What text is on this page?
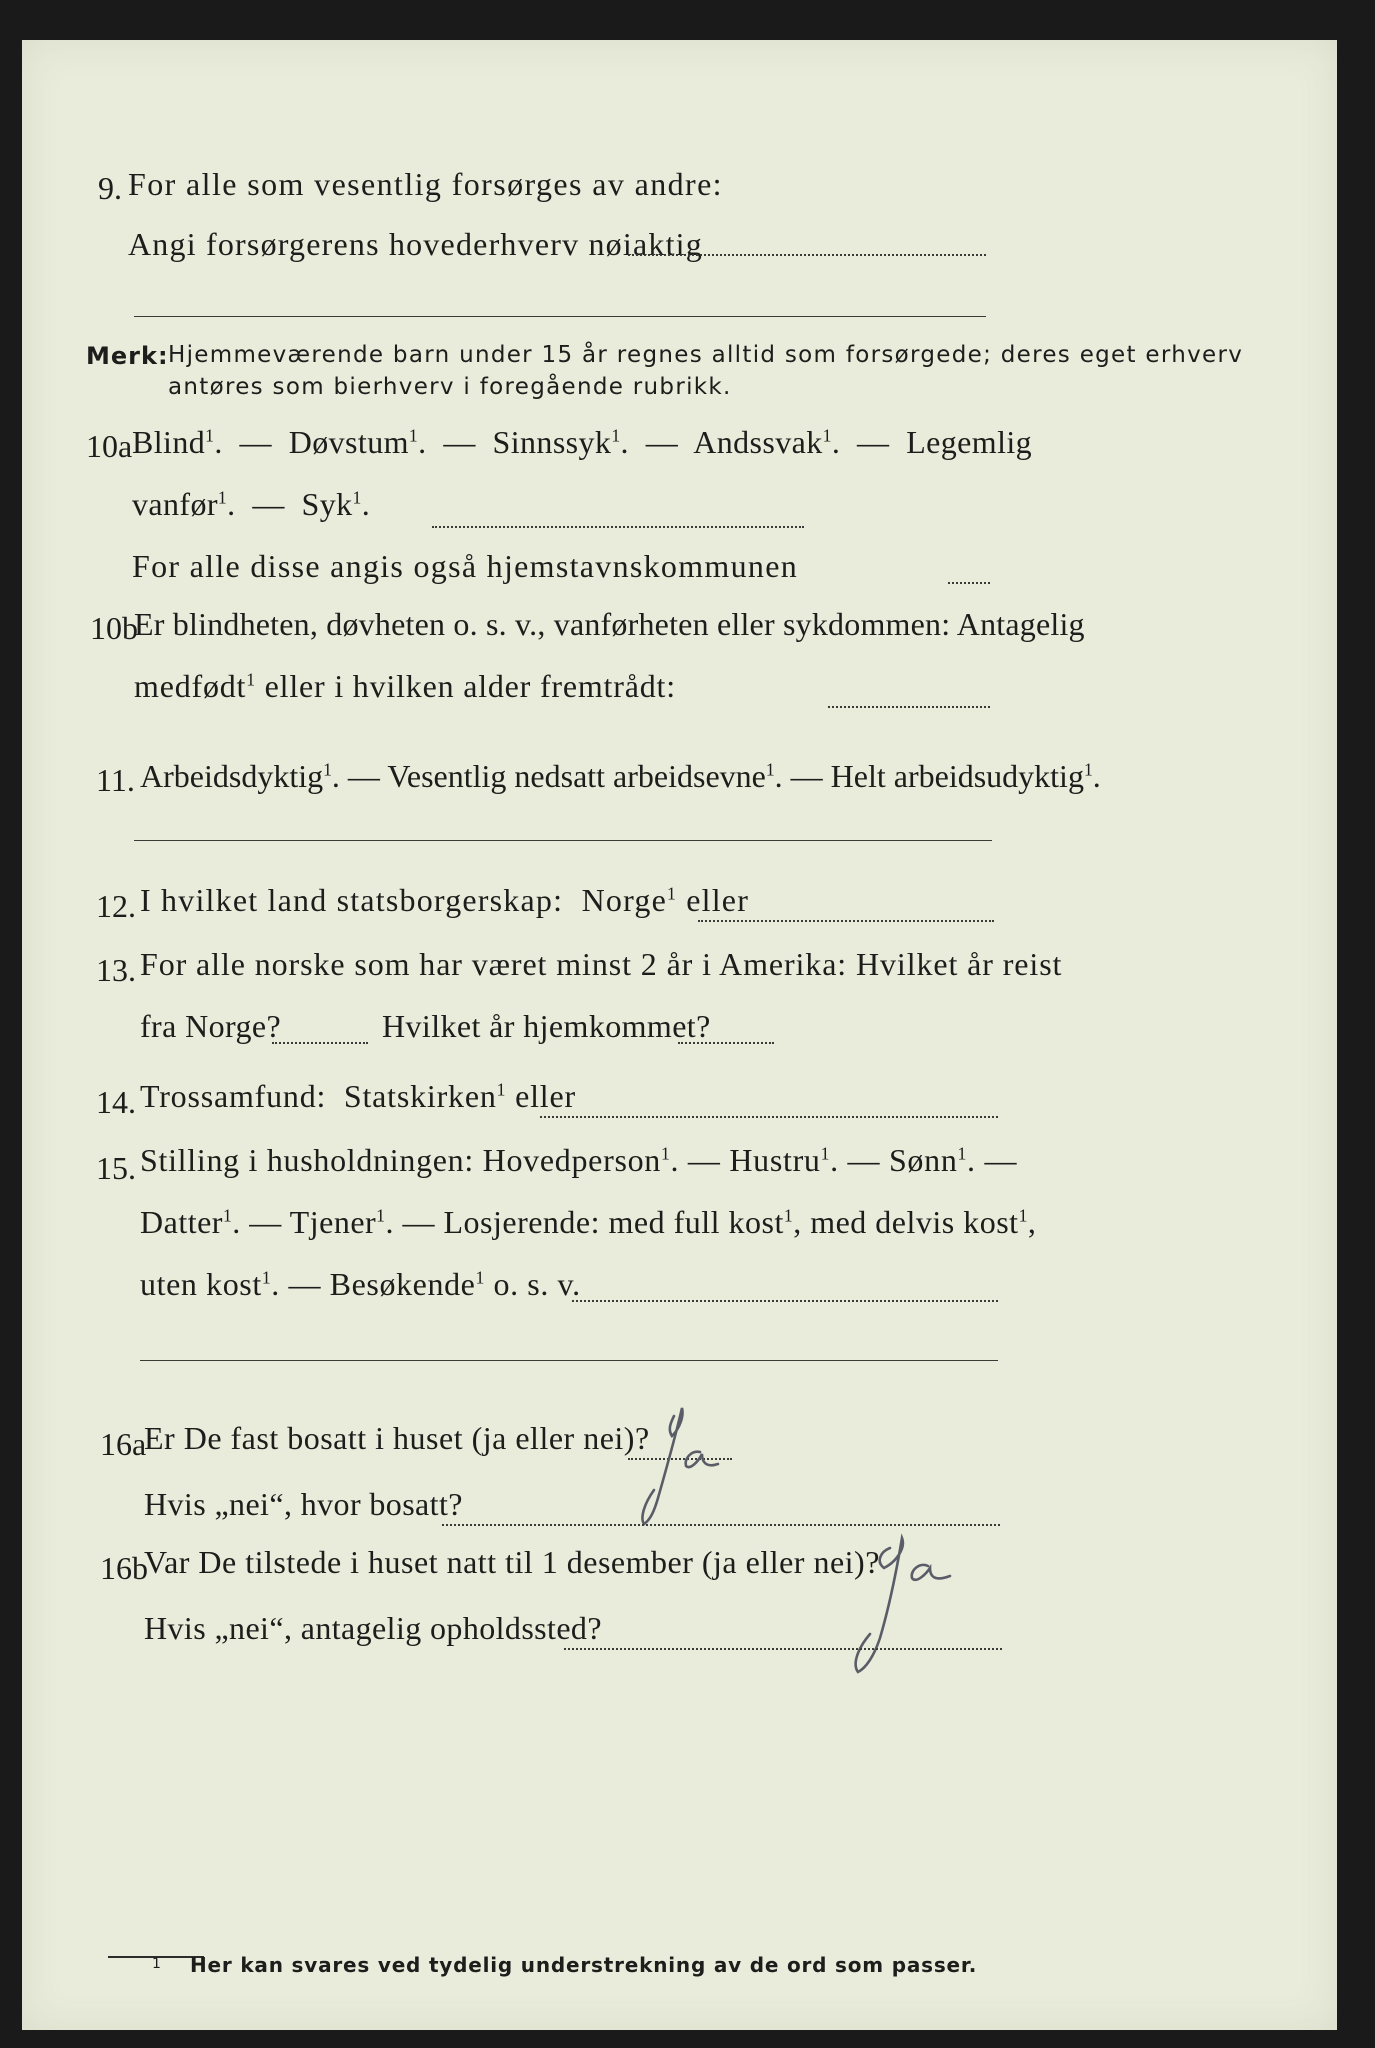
9. For alle som vesentlig forsørges av andre:
Angi forsørgerens hovederhverv nøiaktig
Merk: Hjemmeværende barn under 15 år regnes alltid som forsørgede; deres eget erhverv
antøres som bierhverv i foregående rubrikk.
10a Blind$^1$.  — Døvstum$^1$.  — Sinnssyk$^1$.  — Andssvak$^1$.  — Legemlig
vanfør$^1$.  — Syk$^1$.
For alle disse angis også hjemstavnskommunen
10b
Er blindheten, døvheten o. s. v., vanførheten eller sykdommen: Antagelig
medfødt$^1$ eller i hvilken alder fremtrådt:
11. Arbeidsdyktig$^1$. — Vesentlig nedsatt arbeidsevne$^1$. — Helt arbeidsudyktig$^1$.
12. I hvilket land statsborgerskap: Norge$^1$ eller
13. For alle norske som har været minst 2 år i Amerika: Hvilket år reist
fra Norge?	Hvilket år hjemkommet?
14. Trossamfund: Statskirken$^1$ eller
15. Stilling i husholdningen: Hovedperson$^1$. — Hustru$^1$. — Sønn$^1$. —
Datter$^1$. — Tjener$^1$. — Losjerende: med full kost$^1$, med delvis kost$^1$,
uten kost$^1$. — Besøkende$^1$ o. s. v.
16a
Er De fast bosatt i huset (ja eller nei)?
Hvis „nei“, hvor bosatt?
16b
Var De tilstede i huset natt til 1 desember (ja eller nei)?
Hvis „nei“, antagelig opholdssted?
1 Her kan svares ved tydelig understrekning av de ord som passer.
